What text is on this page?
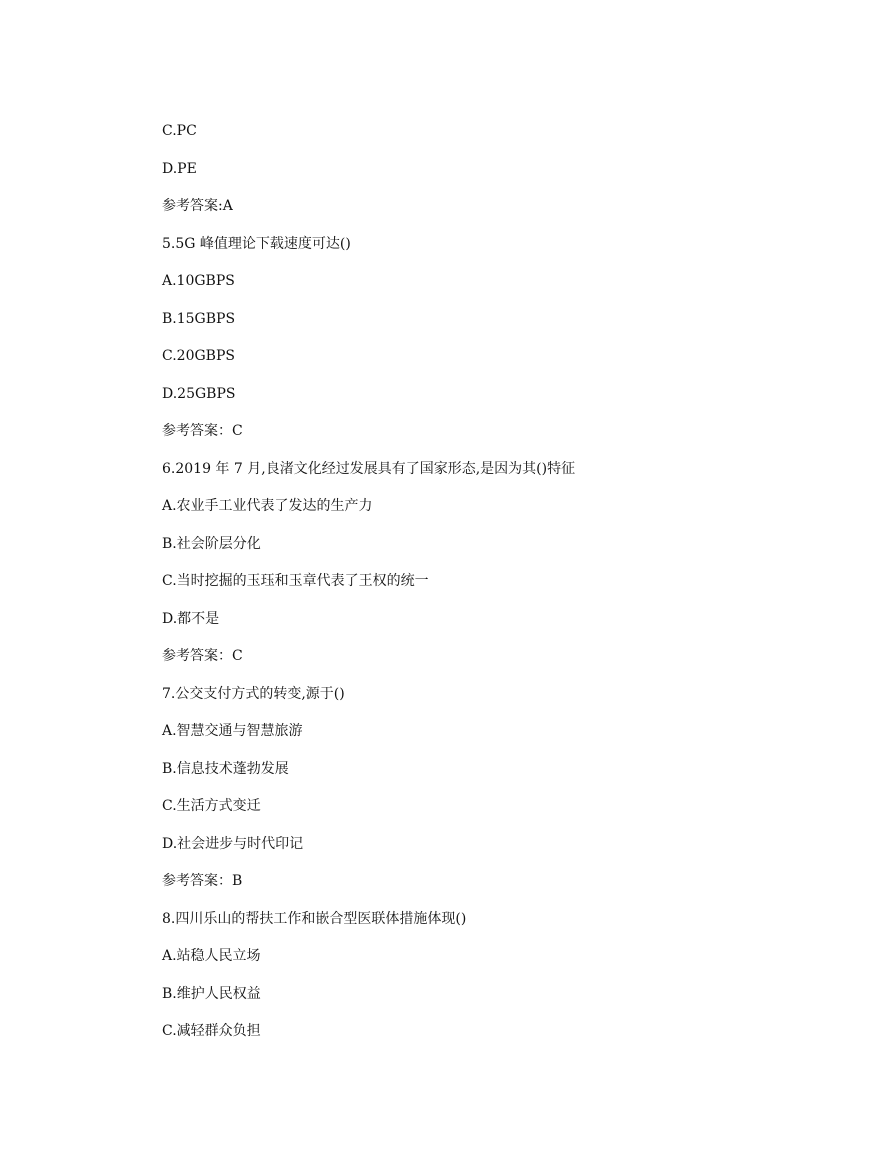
C.PC
D.PE
参考答案:A
5.5G 峰值理论下载速度可达()
A.10GBPS
B.15GBPS
C.20GBPS
D.25GBPS
参考答案：C
6.2019 年 7 月,良渚文化经过发展具有了国家形态,是因为其()特征
A.农业手工业代表了发达的生产力
B.社会阶层分化
C.当时挖掘的玉珏和玉章代表了王权的统一
D.都不是
参考答案：C
7.公交支付方式的转变,源于()
A.智慧交通与智慧旅游
B.信息技术蓬勃发展
C.生活方式变迁
D.社会进步与时代印记
参考答案：B
8.四川乐山的帮扶工作和嵌合型医联体措施体现()
A.站稳人民立场
B.维护人民权益
C.减轻群众负担
